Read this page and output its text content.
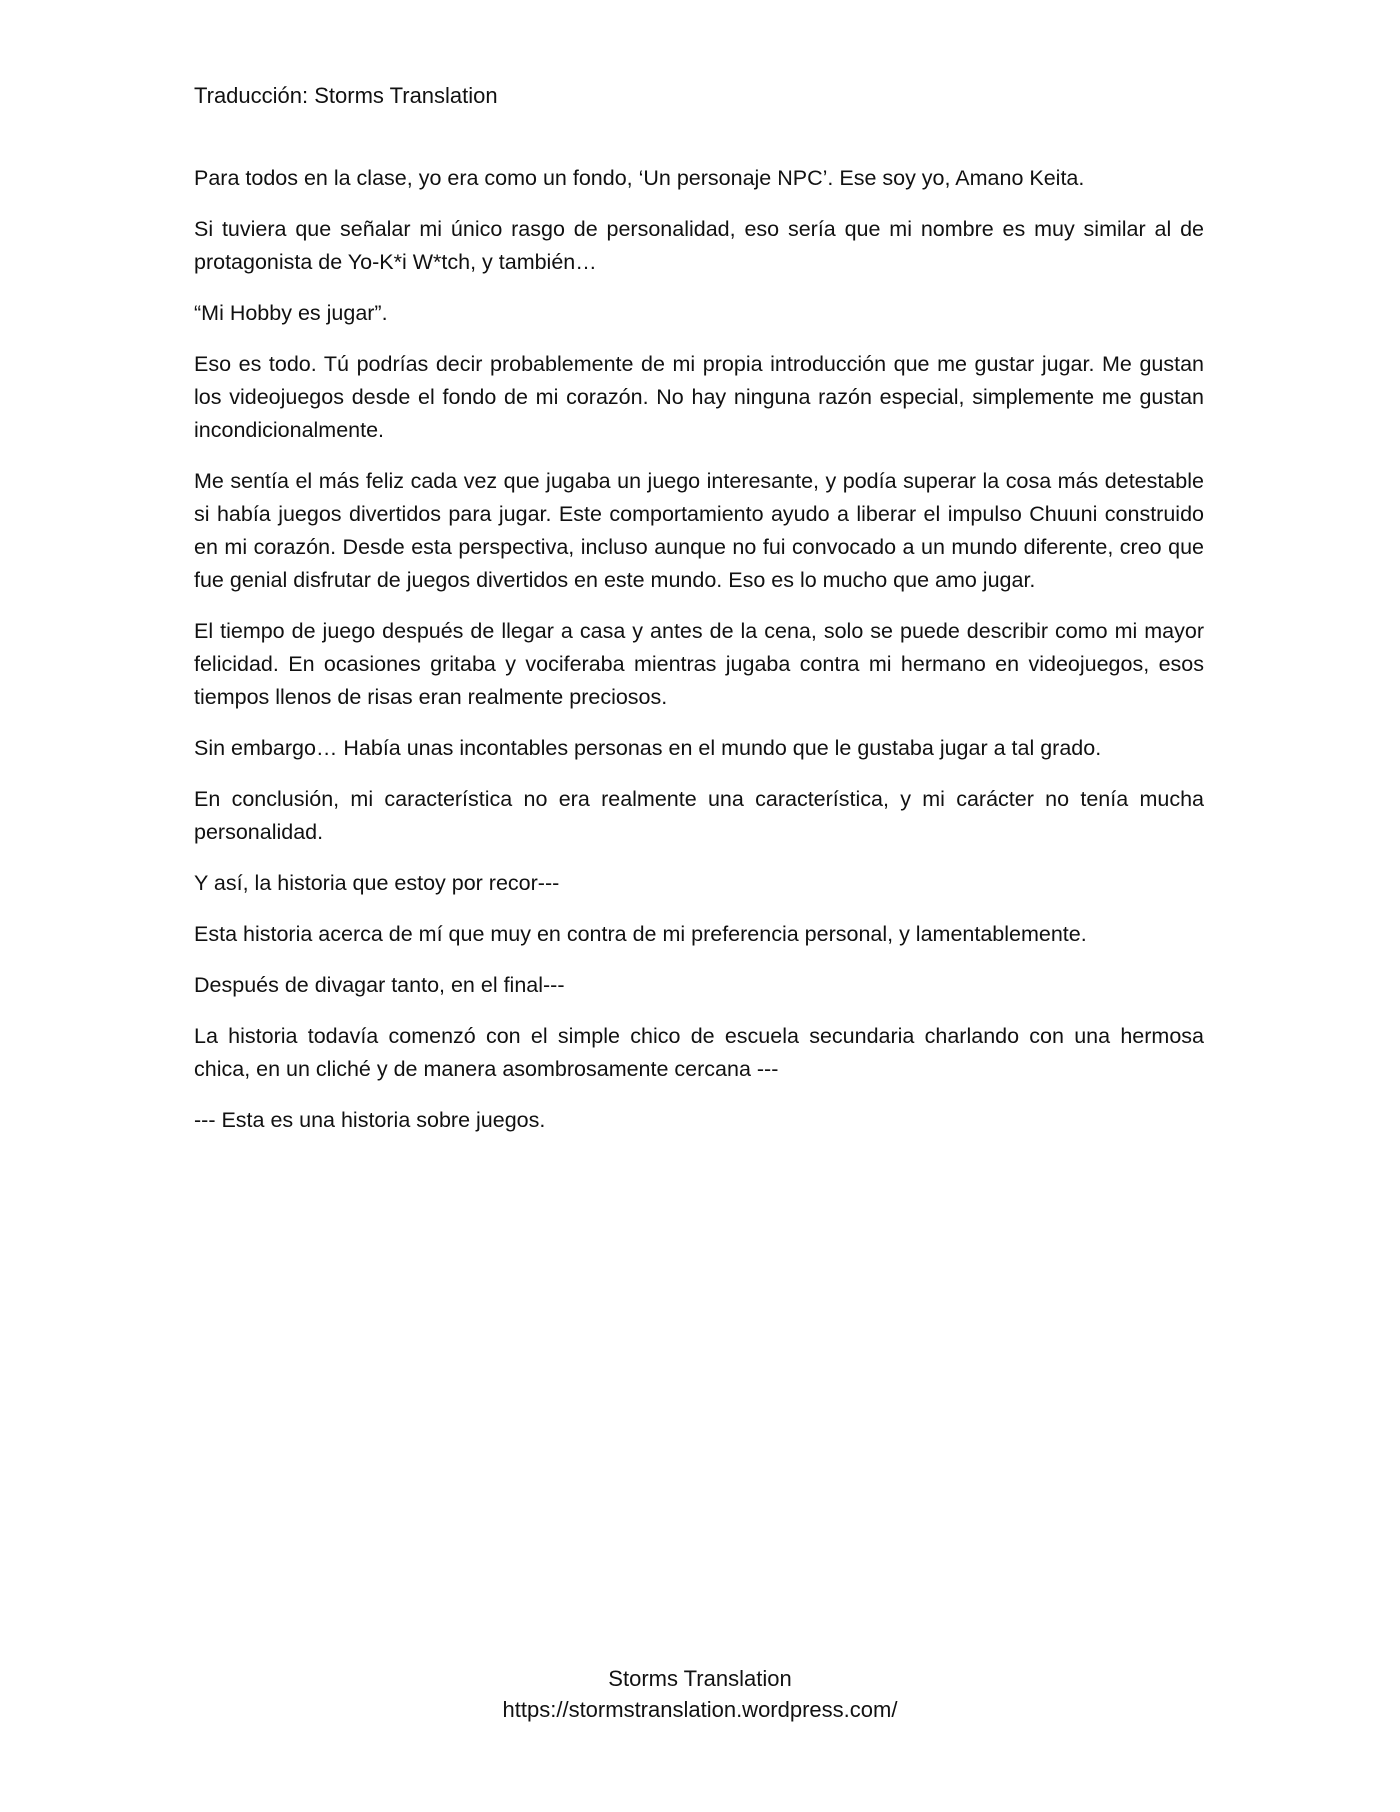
Traducción: Storms Translation

Para todos en la clase, yo era como un fondo, ‘Un personaje NPC’. Ese soy yo, Amano Keita.

Si tuviera que señalar mi único rasgo de personalidad, eso sería que mi nombre es muy similar al de protagonista de Yo-K*i W*tch, y también…

“Mi Hobby es jugar”.

Eso es todo. Tú podrías decir probablemente de mi propia introducción que me gustar jugar. Me gustan los videojuegos desde el fondo de mi corazón. No hay ninguna razón especial, simplemente me gustan incondicionalmente.

Me sentía el más feliz cada vez que jugaba un juego interesante, y podía superar la cosa más detestable si había juegos divertidos para jugar. Este comportamiento ayudo a liberar el impulso Chuuni construido en mi corazón. Desde esta perspectiva, incluso aunque no fui convocado a un mundo diferente, creo que fue genial disfrutar de juegos divertidos en este mundo. Eso es lo mucho que amo jugar.

El tiempo de juego después de llegar a casa y antes de la cena, solo se puede describir como mi mayor felicidad. En ocasiones gritaba y vociferaba mientras jugaba contra mi hermano en videojuegos, esos tiempos llenos de risas eran realmente preciosos.

Sin embargo… Había unas incontables personas en el mundo que le gustaba jugar a tal grado.

En conclusión, mi característica no era realmente una característica, y mi carácter no tenía mucha personalidad.

Y así, la historia que estoy por recor---

Esta historia acerca de mí que muy en contra de mi preferencia personal, y lamentablemente.

Después de divagar tanto, en el final---

La historia todavía comenzó con el simple chico de escuela secundaria charlando con una hermosa chica, en un cliché y de manera asombrosamente cercana ---

--- Esta es una historia sobre juegos.

Storms Translation
https://stormstranslation.wordpress.com/
